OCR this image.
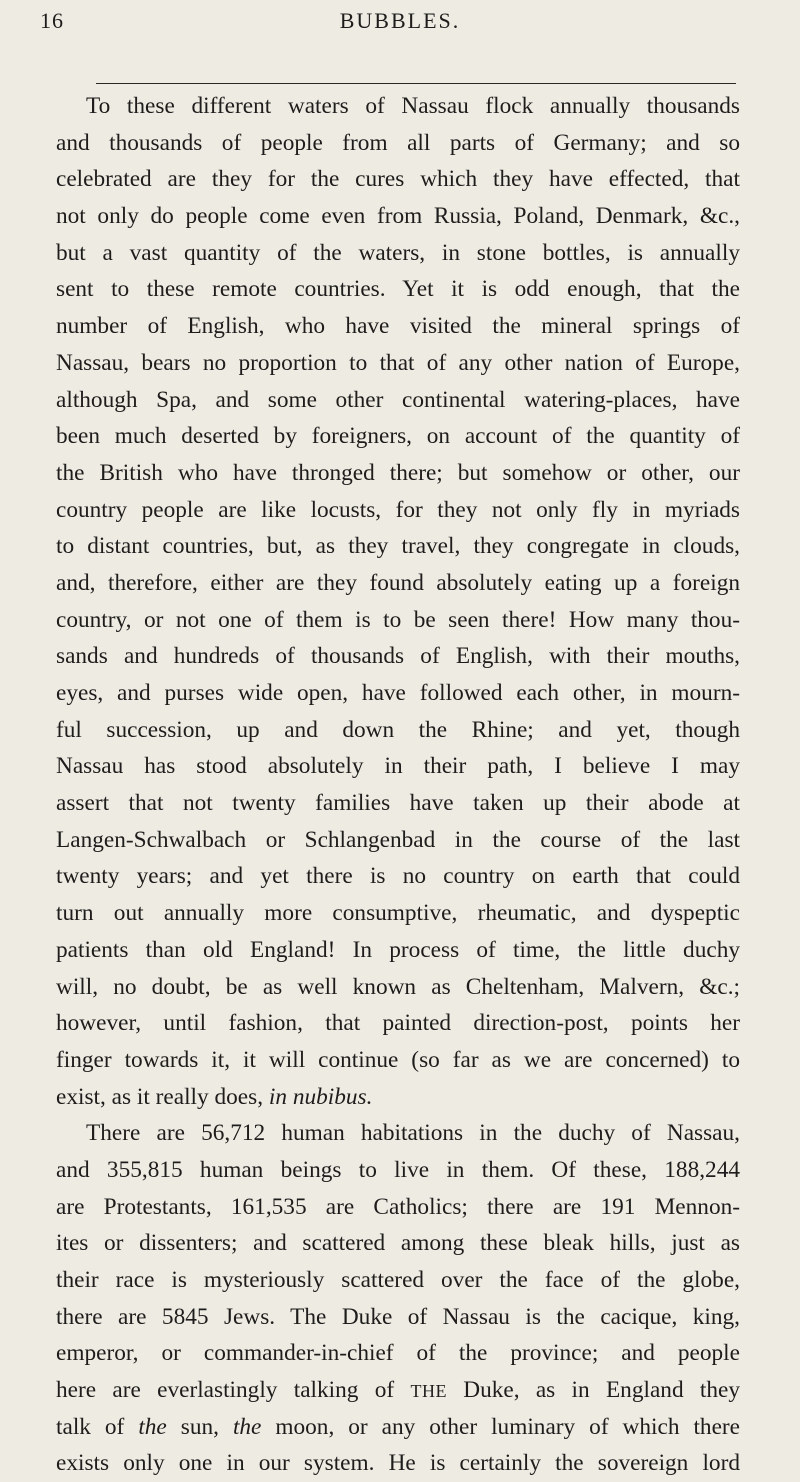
16	BUBBLES.
To these different waters of Nassau flock annually thousands
and thousands of people from all parts of Germany; and so
celebrated are they for the cures which they have effected, that
not only do people come even from Russia, Poland, Denmark, &c.,
but a vast quantity of the waters, in stone bottles, is annually
sent to these remote countries. Yet it is odd enough, that the
number of English, who have visited the mineral springs of
Nassau, bears no proportion to that of any other nation of Europe,
although Spa, and some other continental watering-places, have
been much deserted by foreigners, on account of the quantity of
the British who have thronged there; but somehow or other, our
country people are like locusts, for they not only fly in myriads
to distant countries, but, as they travel, they congregate in clouds,
and, therefore, either are they found absolutely eating up a foreign
country, or not one of them is to be seen there! How many thou-
sands and hundreds of thousands of English, with their mouths,
eyes, and purses wide open, have followed each other, in mourn-
ful succession, up and down the Rhine; and yet, though
Nassau has stood absolutely in their path, I believe I may
assert that not twenty families have taken up their abode at
Langen-Schwalbach or Schlangenbad in the course of the last
twenty years; and yet there is no country on earth that could
turn out annually more consumptive, rheumatic, and dyspeptic
patients than old England! In process of time, the little duchy
will, no doubt, be as well known as Cheltenham, Malvern, &c.;
however, until fashion, that painted direction-post, points her
finger towards it, it will continue (so far as we are concerned) to
exist, as it really does, in nubibus.
There are 56,712 human habitations in the duchy of Nassau,
and 355,815 human beings to live in them. Of these, 188,244
are Protestants, 161,535 are Catholics; there are 191 Mennon-
ites or dissenters; and scattered among these bleak hills, just as
their race is mysteriously scattered over the face of the globe,
there are 5845 Jews. The Duke of Nassau is the cacique, king,
emperor, or commander-in-chief of the province; and people
here are everlastingly talking of THE Duke, as in England they
talk of the sun, the moon, or any other luminary of which there
exists only one in our system. He is certainly the sovereign lord
